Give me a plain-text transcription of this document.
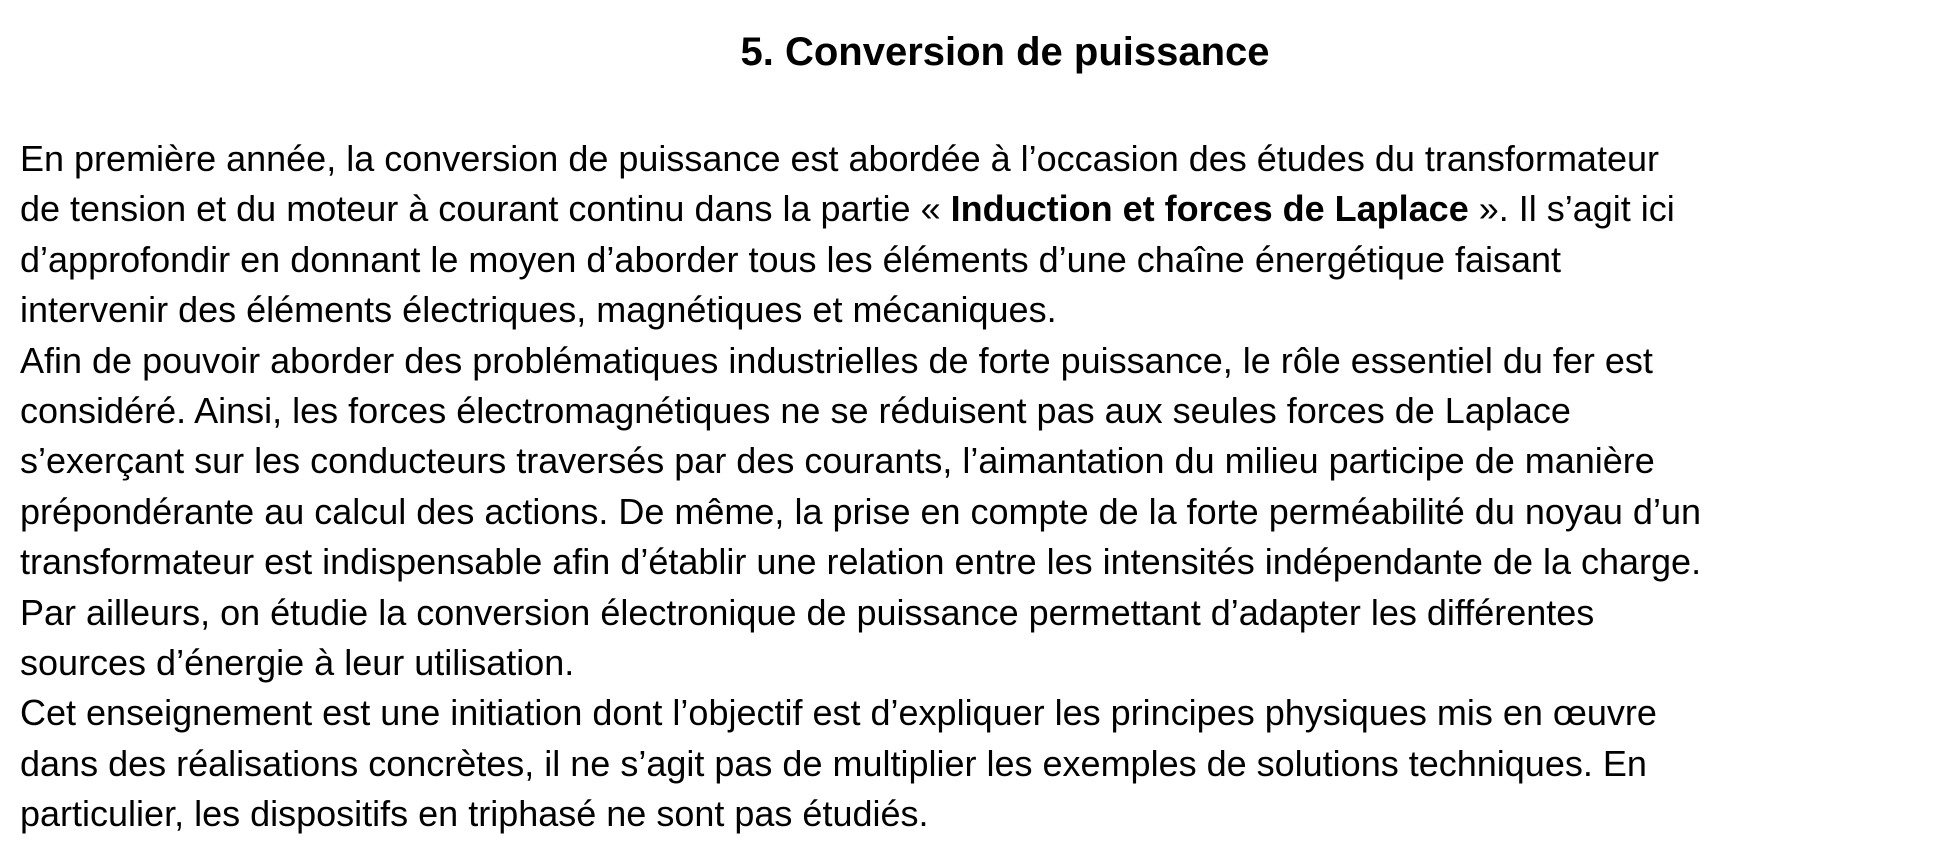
5. Conversion de puissance
En première année, la conversion de puissance est abordée à l’occasion des études du transformateur
de tension et du moteur à courant continu dans la partie « Induction et forces de Laplace ». Il s’agit ici
d’approfondir en donnant le moyen d’aborder tous les éléments d’une chaîne énergétique faisant
intervenir des éléments électriques, magnétiques et mécaniques.
Afin de pouvoir aborder des problématiques industrielles de forte puissance, le rôle essentiel du fer est
considéré. Ainsi, les forces électromagnétiques ne se réduisent pas aux seules forces de Laplace
s’exerçant sur les conducteurs traversés par des courants, l’aimantation du milieu participe de manière
prépondérante au calcul des actions. De même, la prise en compte de la forte perméabilité du noyau d’un
transformateur est indispensable afin d’établir une relation entre les intensités indépendante de la charge.
Par ailleurs, on étudie la conversion électronique de puissance permettant d’adapter les différentes
sources d’énergie à leur utilisation.
Cet enseignement est une initiation dont l’objectif est d’expliquer les principes physiques mis en œuvre
dans des réalisations concrètes, il ne s’agit pas de multiplier les exemples de solutions techniques. En
particulier, les dispositifs en triphasé ne sont pas étudiés.
